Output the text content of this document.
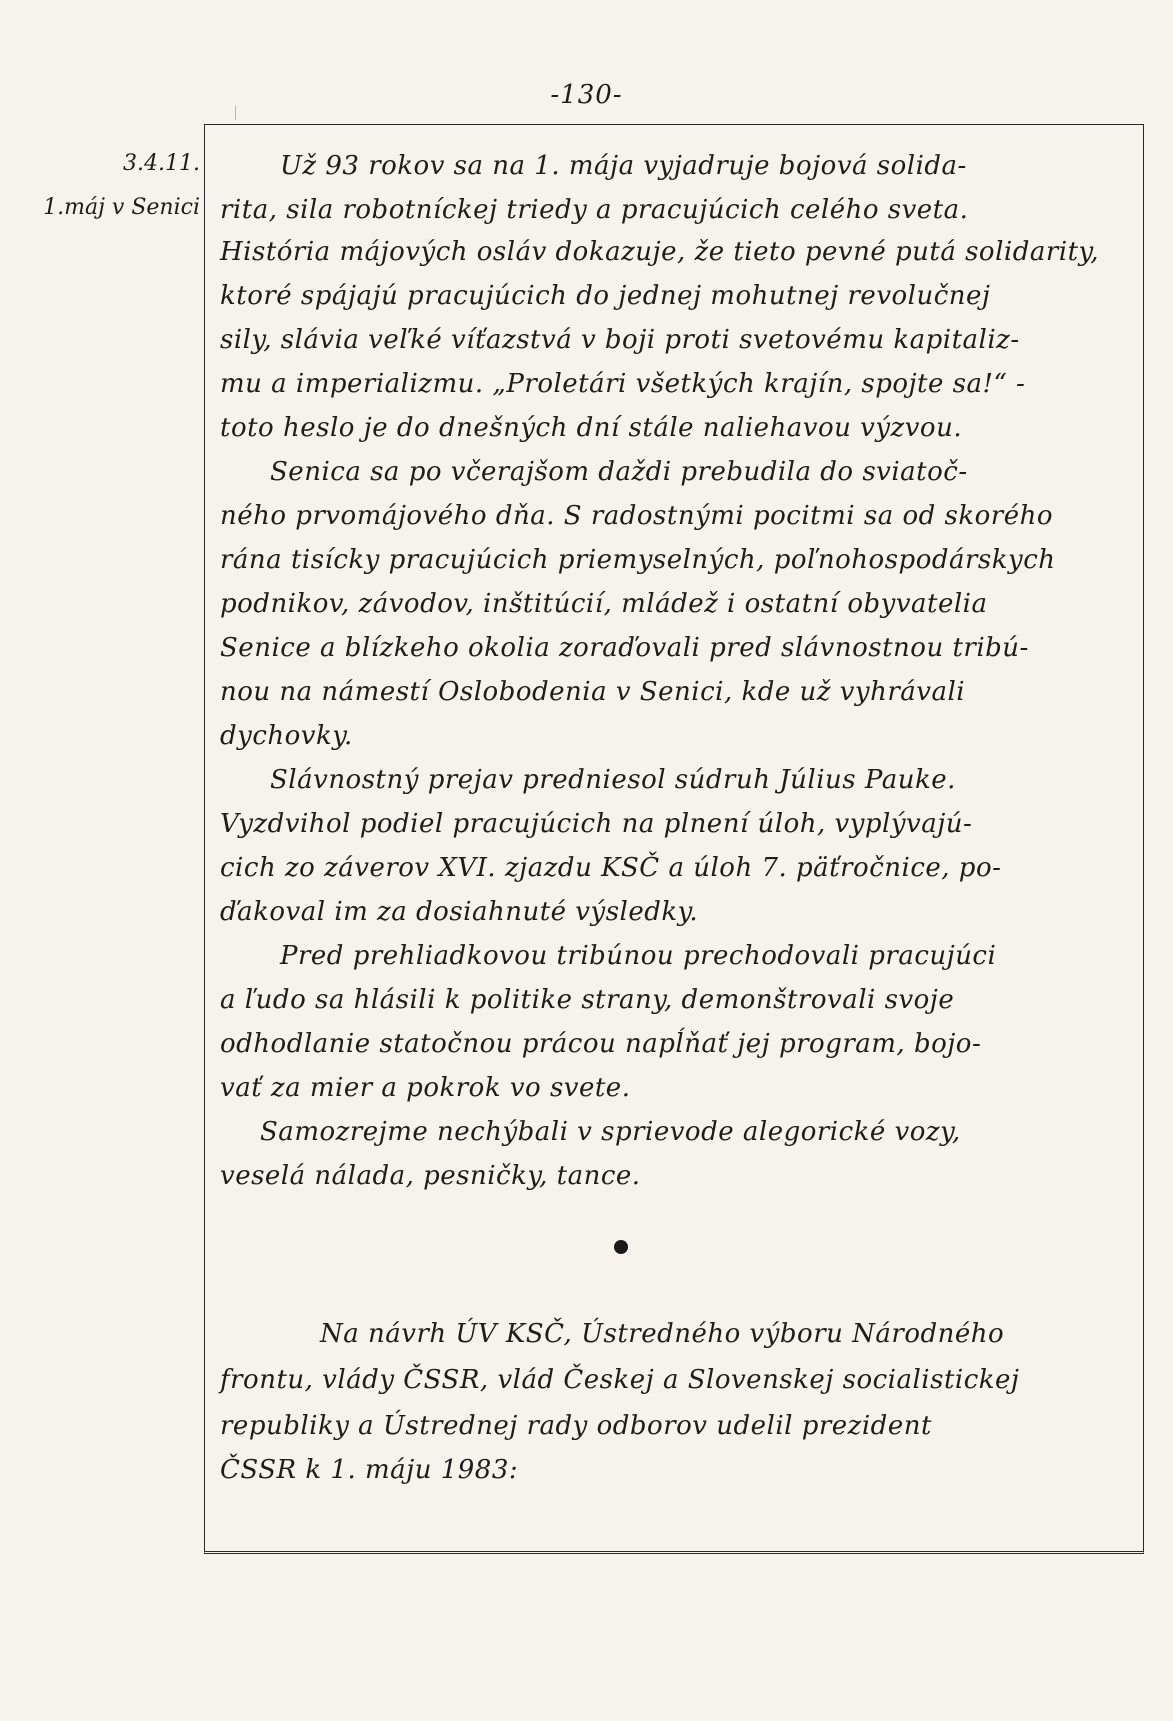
-130-
3.4.11.
1.máj v Senici
Už 93 rokov sa na 1. mája vyjadruje bojová solida-
rita, sila robotníckej triedy a pracujúcich celého sveta.
História májových osláv dokazuje, že tieto pevné putá solidarity,
ktoré spájajú pracujúcich do jednej mohutnej revolučnej
sily, slávia veľké víťazstvá v boji proti svetovému kapitaliz-
mu a imperializmu. „Proletári všetkých krajín, spojte sa!“ -
toto heslo je do dnešných dní stále naliehavou výzvou.
Senica sa po včerajšom daždi prebudila do sviatoč-
ného prvomájového dňa. S radostnými pocitmi sa od skorého
rána tisícky pracujúcich priemyselných, poľnohospodárskych
podnikov, závodov, inštitúcií, mládež i ostatní obyvatelia
Senice a blízkeho okolia zoraďovali pred slávnostnou tribú-
nou na námestí Oslobodenia v Senici, kde už vyhrávali
dychovky.
Slávnostný prejav predniesol súdruh Július Pauke.
Vyzdvihol podiel pracujúcich na plnení úloh, vyplývajú-
cich zo záverov XVI. zjazdu KSČ a úloh 7. päťročnice, po-
ďakoval im za dosiahnuté výsledky.
Pred prehliadkovou tribúnou prechodovali pracujúci
a ľudo sa hlásili k politike strany, demonštrovali svoje
odhodlanie statočnou prácou napĺňať jej program, bojo-
vať za mier a pokrok vo svete.
Samozrejme nechýbali v sprievode alegorické vozy,
veselá nálada, pesničky, tance.
Na návrh ÚV KSČ, Ústredného výboru Národného
frontu, vlády ČSSR, vlád Českej a Slovenskej socialistickej
republiky a Ústrednej rady odborov udelil prezident
ČSSR k 1. máju 1983:
